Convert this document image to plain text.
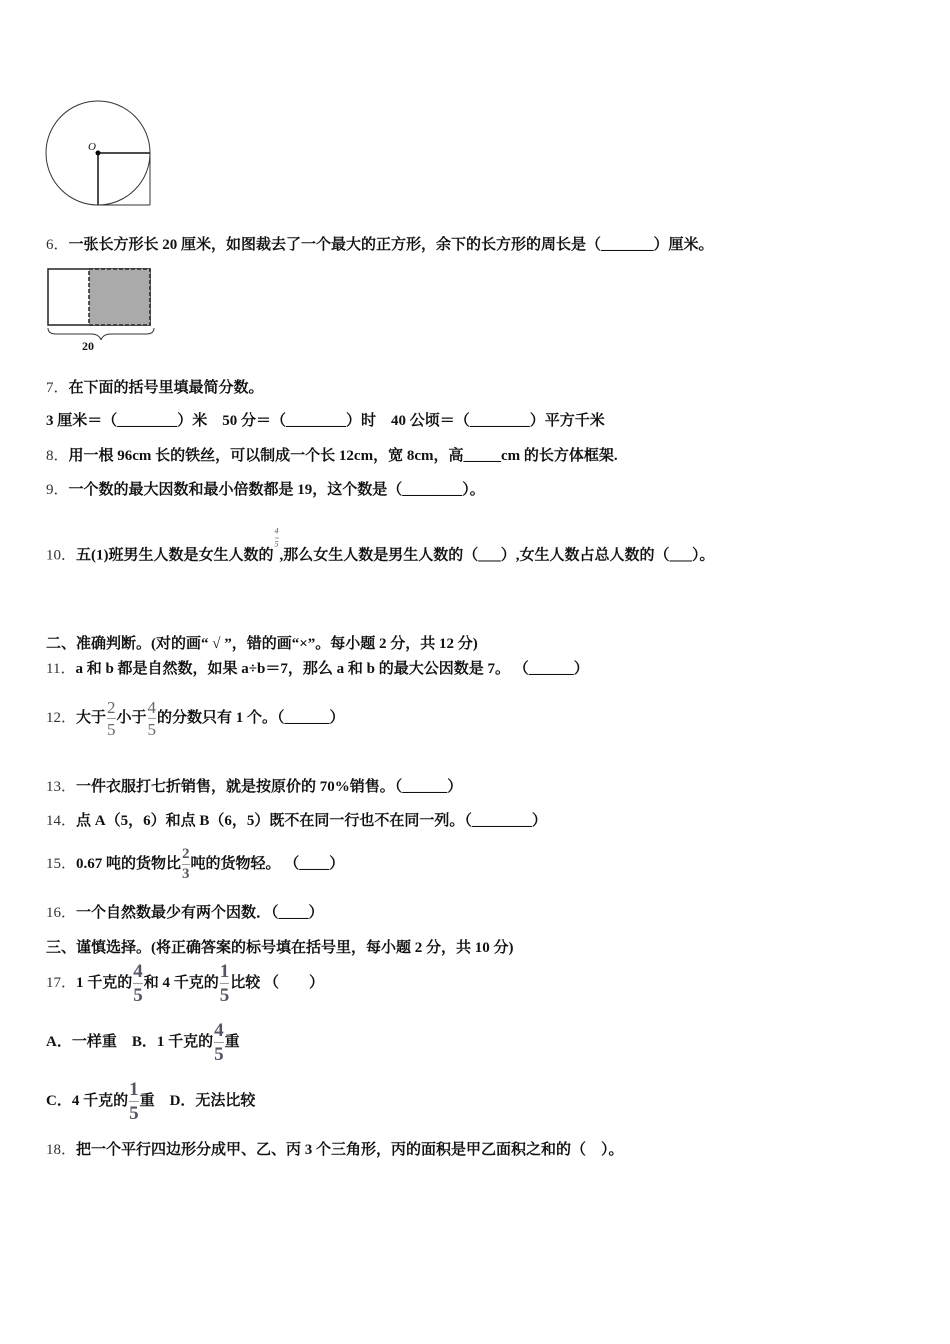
O
6．一张长方形长 20 厘米，如图裁去了一个最大的正方形，余下的长方形的周长是（_______）厘米。
20
7．在下面的括号里填最简分数。
3 厘米＝（________）米　50 分＝（________）时　40 公顷＝（________）平方千米
8．用一根 96cm 长的铁丝，可以制成一个长 12cm，宽 8cm，高_____cm 的长方体框架.
9．一个数的最大因数和最小倍数都是 19，这个数是（________）。
10．五(1)班男生人数是女生人数的
$\frac{4}{5}$
,那么女生人数是男生人数的（___）,女生人数占总人数的（___）。
二、准确判断。(对的画“ √ ”，错的画“×”。每小题 2 分，共 12 分)
11．a 和 b 都是自然数，如果 a÷b＝7，那么 a 和 b 的最大公因数是 7。 （______）
12．大于 $\frac{2}{5}$ 小于 $\frac{4}{5}$ 的分数只有 1 个。（______）
13．一件衣服打七折销售，就是按原价的 70%销售。（______）
14．点 A（5，6）和点 B（6，5）既不在同一行也不在同一列。（________）
15．0.67 吨的货物比 $\frac{2}{3}$ 吨的货物轻。 （____）
16．一个自然数最少有两个因数．（____）
三、谨慎选择。(将正确答案的标号填在括号里，每小题 2 分，共 10 分)
17．1 千克的 $\frac{4}{5}$ 和 4 千克的 $\frac{1}{5}$ 比较 （　　）
A．一样重　B．1 千克的 $\frac{4}{5}$ 重
C．4 千克的 $\frac{1}{5}$ 重　D．无法比较
18．把一个平行四边形分成甲、乙、丙 3 个三角形，丙的面积是甲乙面积之和的（　）。
